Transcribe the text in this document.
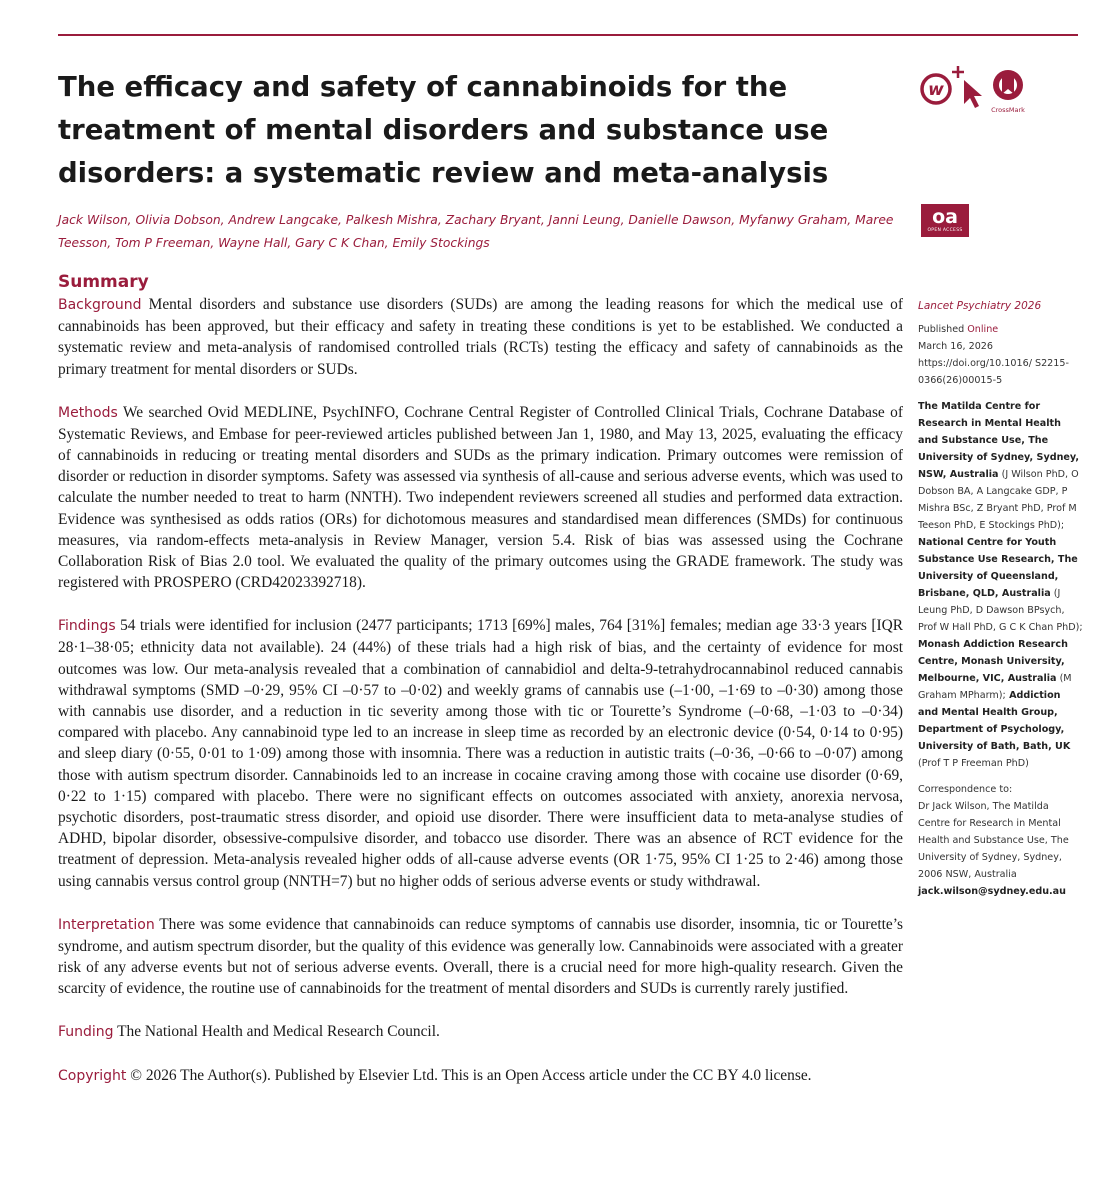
The efficacy and safety of cannabinoids for the treatment of mental disorders and substance use disorders: a systematic review and meta-analysis
w
CrossMark

Jack Wilson, Olivia Dobson, Andrew Langcake, Palkesh Mishra, Zachary Bryant, Janni Leung, Danielle Dawson, Myfanwy Graham, Maree Teesson, Tom P Freeman, Wayne Hall, Gary C K Chan, Emily Stockings

oa
OPEN ACCESS
Summary

Background Mental disorders and substance use disorders (SUDs) are among the leading reasons for which the medical use of cannabinoids has been approved, but their efficacy and safety in treating these conditions is yet to be established. We conducted a systematic review and meta-analysis of randomised controlled trials (RCTs) testing the efficacy and safety of cannabinoids as the primary treatment for mental disorders or SUDs.

Methods We searched Ovid MEDLINE, PsychINFO, Cochrane Central Register of Controlled Clinical Trials, Cochrane Database of Systematic Reviews, and Embase for peer-reviewed articles published between Jan 1, 1980, and May 13, 2025, evaluating the efficacy of cannabinoids in reducing or treating mental disorders and SUDs as the primary indication. Primary outcomes were remission of disorder or reduction in disorder symptoms. Safety was assessed via synthesis of all-cause and serious adverse events, which was used to calculate the number needed to treat to harm (NNTH). Two independent reviewers screened all studies and performed data extraction. Evidence was synthesised as odds ratios (ORs) for dichotomous measures and standardised mean differences (SMDs) for continuous measures, via random-effects meta-analysis in Review Manager, version 5.4. Risk of bias was assessed using the Cochrane Collaboration Risk of Bias 2.0 tool. We evaluated the quality of the primary outcomes using the GRADE framework. The study was registered with PROSPERO (CRD42023392718).

Findings 54 trials were identified for inclusion (2477 participants; 1713 [69%] males, 764 [31%] females; median age 33·3 years [IQR 28·1–38·05; ethnicity data not available). 24 (44%) of these trials had a high risk of bias, and the certainty of evidence for most outcomes was low. Our meta-analysis revealed that a combination of cannabidiol and delta-9-tetrahydrocannabinol reduced cannabis withdrawal symptoms (SMD –0·29, 95% CI –0·57 to –0·02) and weekly grams of cannabis use (–1·00, –1·69 to –0·30) among those with cannabis use disorder, and a reduction in tic severity among those with tic or Tourette’s Syndrome (–0·68, –1·03 to –0·34) compared with placebo. Any cannabinoid type led to an increase in sleep time as recorded by an electronic device (0·54, 0·14 to 0·95) and sleep diary (0·55, 0·01 to 1·09) among those with insomnia. There was a reduction in autistic traits (–0·36, –0·66 to –0·07) among those with autism spectrum disorder. Cannabinoids led to an increase in cocaine craving among those with cocaine use disorder (0·69, 0·22 to 1·15) compared with placebo. There were no significant effects on outcomes associated with anxiety, anorexia nervosa, psychotic disorders, post-traumatic stress disorder, and opioid use disorder. There were insufficient data to meta-analyse studies of ADHD, bipolar disorder, obsessive-compulsive disorder, and tobacco use disorder. There was an absence of RCT evidence for the treatment of depression. Meta-analysis revealed higher odds of all-cause adverse events (OR 1·75, 95% CI 1·25 to 2·46) among those using cannabis versus control group (NNTH=7) but no higher odds of serious adverse events or study withdrawal.

Interpretation There was some evidence that cannabinoids can reduce symptoms of cannabis use disorder, insomnia, tic or Tourette’s syndrome, and autism spectrum disorder, but the quality of this evidence was generally low. Cannabinoids were associated with a greater risk of any adverse events but not of serious adverse events. Overall, there is a crucial need for more high-quality research. Given the scarcity of evidence, the routine use of cannabinoids for the treatment of mental disorders and SUDs is currently rarely justified.

Funding The National Health and Medical Research Council.

Copyright © 2026 The Author(s). Published by Elsevier Ltd. This is an Open Access article under the CC BY 4.0 license.

Lancet Psychiatry 2026
Published Online
March 16, 2026
https://doi.org/10.1016/ S2215-0366(26)00015-5
The Matilda Centre for Research in Mental Health and Substance Use, The University of Sydney, Sydney, NSW, Australia (J Wilson PhD, O Dobson BA, A Langcake GDP, P Mishra BSc, Z Bryant PhD, Prof M Teeson PhD, E Stockings PhD); National Centre for Youth Substance Use Research, The University of Queensland, Brisbane, QLD, Australia (J Leung PhD, D Dawson BPsych, Prof W Hall PhD, G C K Chan PhD); Monash Addiction Research Centre, Monash University, Melbourne, VIC, Australia (M Graham MPharm); Addiction and Mental Health Group, Department of Psychology, University of Bath, Bath, UK (Prof T P Freeman PhD)
Correspondence to:
Dr Jack Wilson, The Matilda Centre for Research in Mental Health and Substance Use, The University of Sydney, Sydney, 2006 NSW, Australia
jack.wilson@sydney.edu.au
